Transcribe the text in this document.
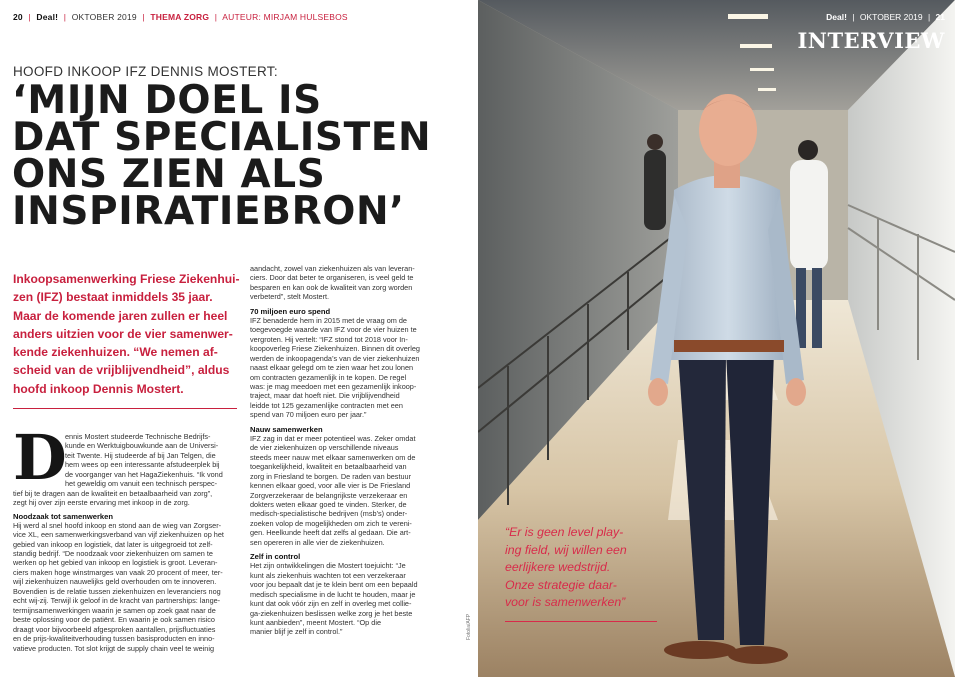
20 | Deal! | OKTOBER 2019 | THEMA ZORG | AUTEUR: MIRJAM HULSEBOS
HOOFD INKOOP IFZ DENNIS MOSTERT:
‘MIJN DOEL IS
DAT SPECIALISTEN
ONS ZIEN ALS
INSPIRATIEBRON’
Inkoopsamenwerking Friese Ziekenhui-
zen (IFZ) bestaat inmiddels 35 jaar.
Maar de komende jaren zullen er heel
anders uitzien voor de vier samenwer-
kende ziekenhuizen. “We nemen af-
scheid van de vrijblijvendheid”, aldus
hoofd inkoop Dennis Mostert.
D
ennis Mostert studeerde Technische Bedrijfs-
kunde en Werktuigbouwkunde aan de Universi-
teit Twente. Hij studeerde af bij Jan Telgen, die
hem wees op een interessante afstudeerplek bij
de voorganger van het HagaZiekenhuis. “Ik vond
het geweldig om vanuit een technisch perspec-
tief bij te dragen aan de kwaliteit en betaalbaarheid van zorg”,
zegt hij over zijn eerste ervaring met inkoop in de zorg.
Noodzaak tot samenwerken
Hij werd al snel hoofd inkoop en stond aan de wieg van Zorgser-
vice XL, een samenwerkingsverband van vijf ziekenhuizen op het
gebied van inkoop en logistiek, dat later is uitgegroeid tot zelf-
standig bedrijf. “De noodzaak voor ziekenhuizen om samen te
werken op het gebied van inkoop en logistiek is groot. Leveran-
ciers maken hoge winstmarges van vaak 20 procent of meer, ter-
wijl ziekenhuizen nauwelijks geld overhouden om te innoveren.
Bovendien is de relatie tussen ziekenhuizen en leveranciers nog
echt wij-zij. Terwijl ik geloof in de kracht van partnerships: lange-
termijnsamenwerkingen waarin je samen op zoek gaat naar de
beste oplossing voor de patiënt. En waarin je ook samen risico
draagt voor bijvoorbeeld afgesproken aantallen, prijsfluctuaties
en de prijs-kwaliteitverhouding tussen basisproducten en inno-
vatieve producten. Tot slot krijgt de supply chain veel te weinig
aandacht, zowel van ziekenhuizen als van leveran-
ciers. Door dat beter te organiseren, is veel geld te
besparen en kan ook de kwaliteit van zorg worden
verbeterd”, stelt Mostert.
70 miljoen euro spend
IFZ benaderde hem in 2015 met de vraag om de
toegevoegde waarde van IFZ voor de vier huizen te
vergroten. Hij vertelt: “IFZ stond tot 2018 voor In-
koopoverleg Friese Ziekenhuizen. Binnen dit overleg
werden de inkoopagenda’s van de vier ziekenhuizen
naast elkaar gelegd om te zien waar het zou lonen
om contracten gezamenlijk in te kopen. De regel
was: je mag meedoen met een gezamenlijk inkoop-
traject, maar dat hoeft niet. Die vrijblijvendheid
leidde tot 125 gezamenlijke contracten met een
spend van 70 miljoen euro per jaar.”
Nauw samenwerken
IFZ zag in dat er meer potentieel was. Zeker omdat
de vier ziekenhuizen op verschillende niveaus
steeds meer nauw met elkaar samenwerken om de
toegankelijkheid, kwaliteit en betaalbaarheid van
zorg in Friesland te borgen. De raden van bestuur
kennen elkaar goed, voor alle vier is De Friesland
Zorgverzekeraar de belangrijkste verzekeraar en
dokters weten elkaar goed te vinden. Sterker, de
medisch-specialistische bedrijven (msb’s) onder-
zoeken volop de mogelijkheden om zich te vereni-
gen. Heelkunde heeft dat zelfs al gedaan. Die art-
sen opereren in alle vier de ziekenhuizen.
Zelf in control
Het zijn ontwikkelingen die Mostert toejuicht: “Je
kunt als ziekenhuis wachten tot een verzekeraar
voor jou bepaalt dat je te klein bent om een bepaald
medisch specialisme in de lucht te houden, maar je
kunt dat ook vóór zijn en zelf in overleg met collie-
ga-ziekenhuizen beslissen welke zorg je het beste
kunt aanbieden”, meent Mostert. “Op die
manier blijf je zelf in control.”	Fotolia/AFP
Deal! | OKTOBER 2019 | 21
INTERVIEW
“Er is geen level play-
ing field, wij willen een
eerlijkere wedstrijd.
Onze strategie daar-
voor is samenwerken”
